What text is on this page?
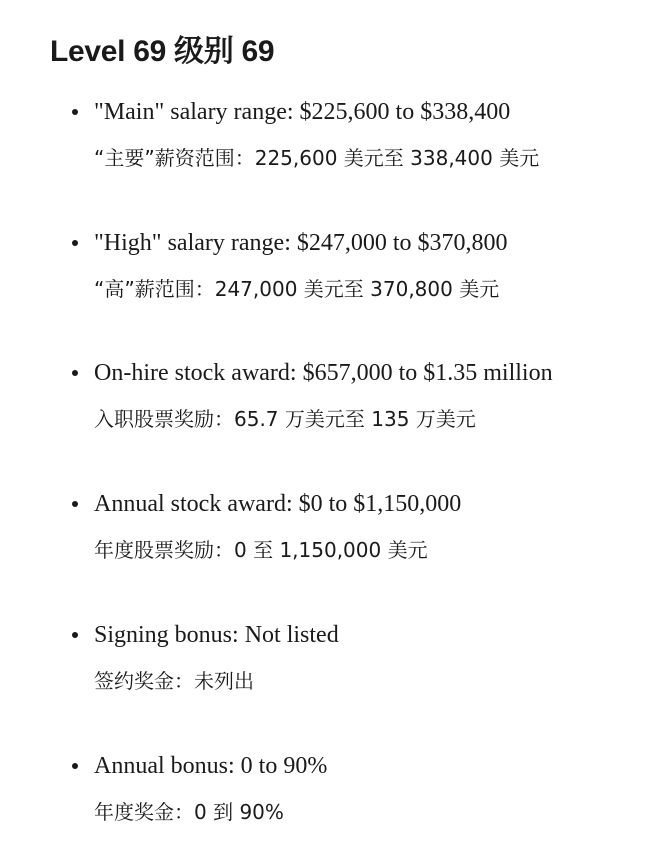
Level 69 级别 69
"Main" salary range: $225,600 to $338,400
“主要”薪资范围：225,600 美元至 338,400 美元
"High" salary range: $247,000 to $370,800
“高”薪范围：247,000 美元至 370,800 美元
On-hire stock award: $657,000 to $1.35 million
入职股票奖励：65.7 万美元至 135 万美元
Annual stock award: $0 to $1,150,000
年度股票奖励：0 至 1,150,000 美元
Signing bonus: Not listed
签约奖金：未列出
Annual bonus: 0 to 90%
年度奖金：0 到 90%
